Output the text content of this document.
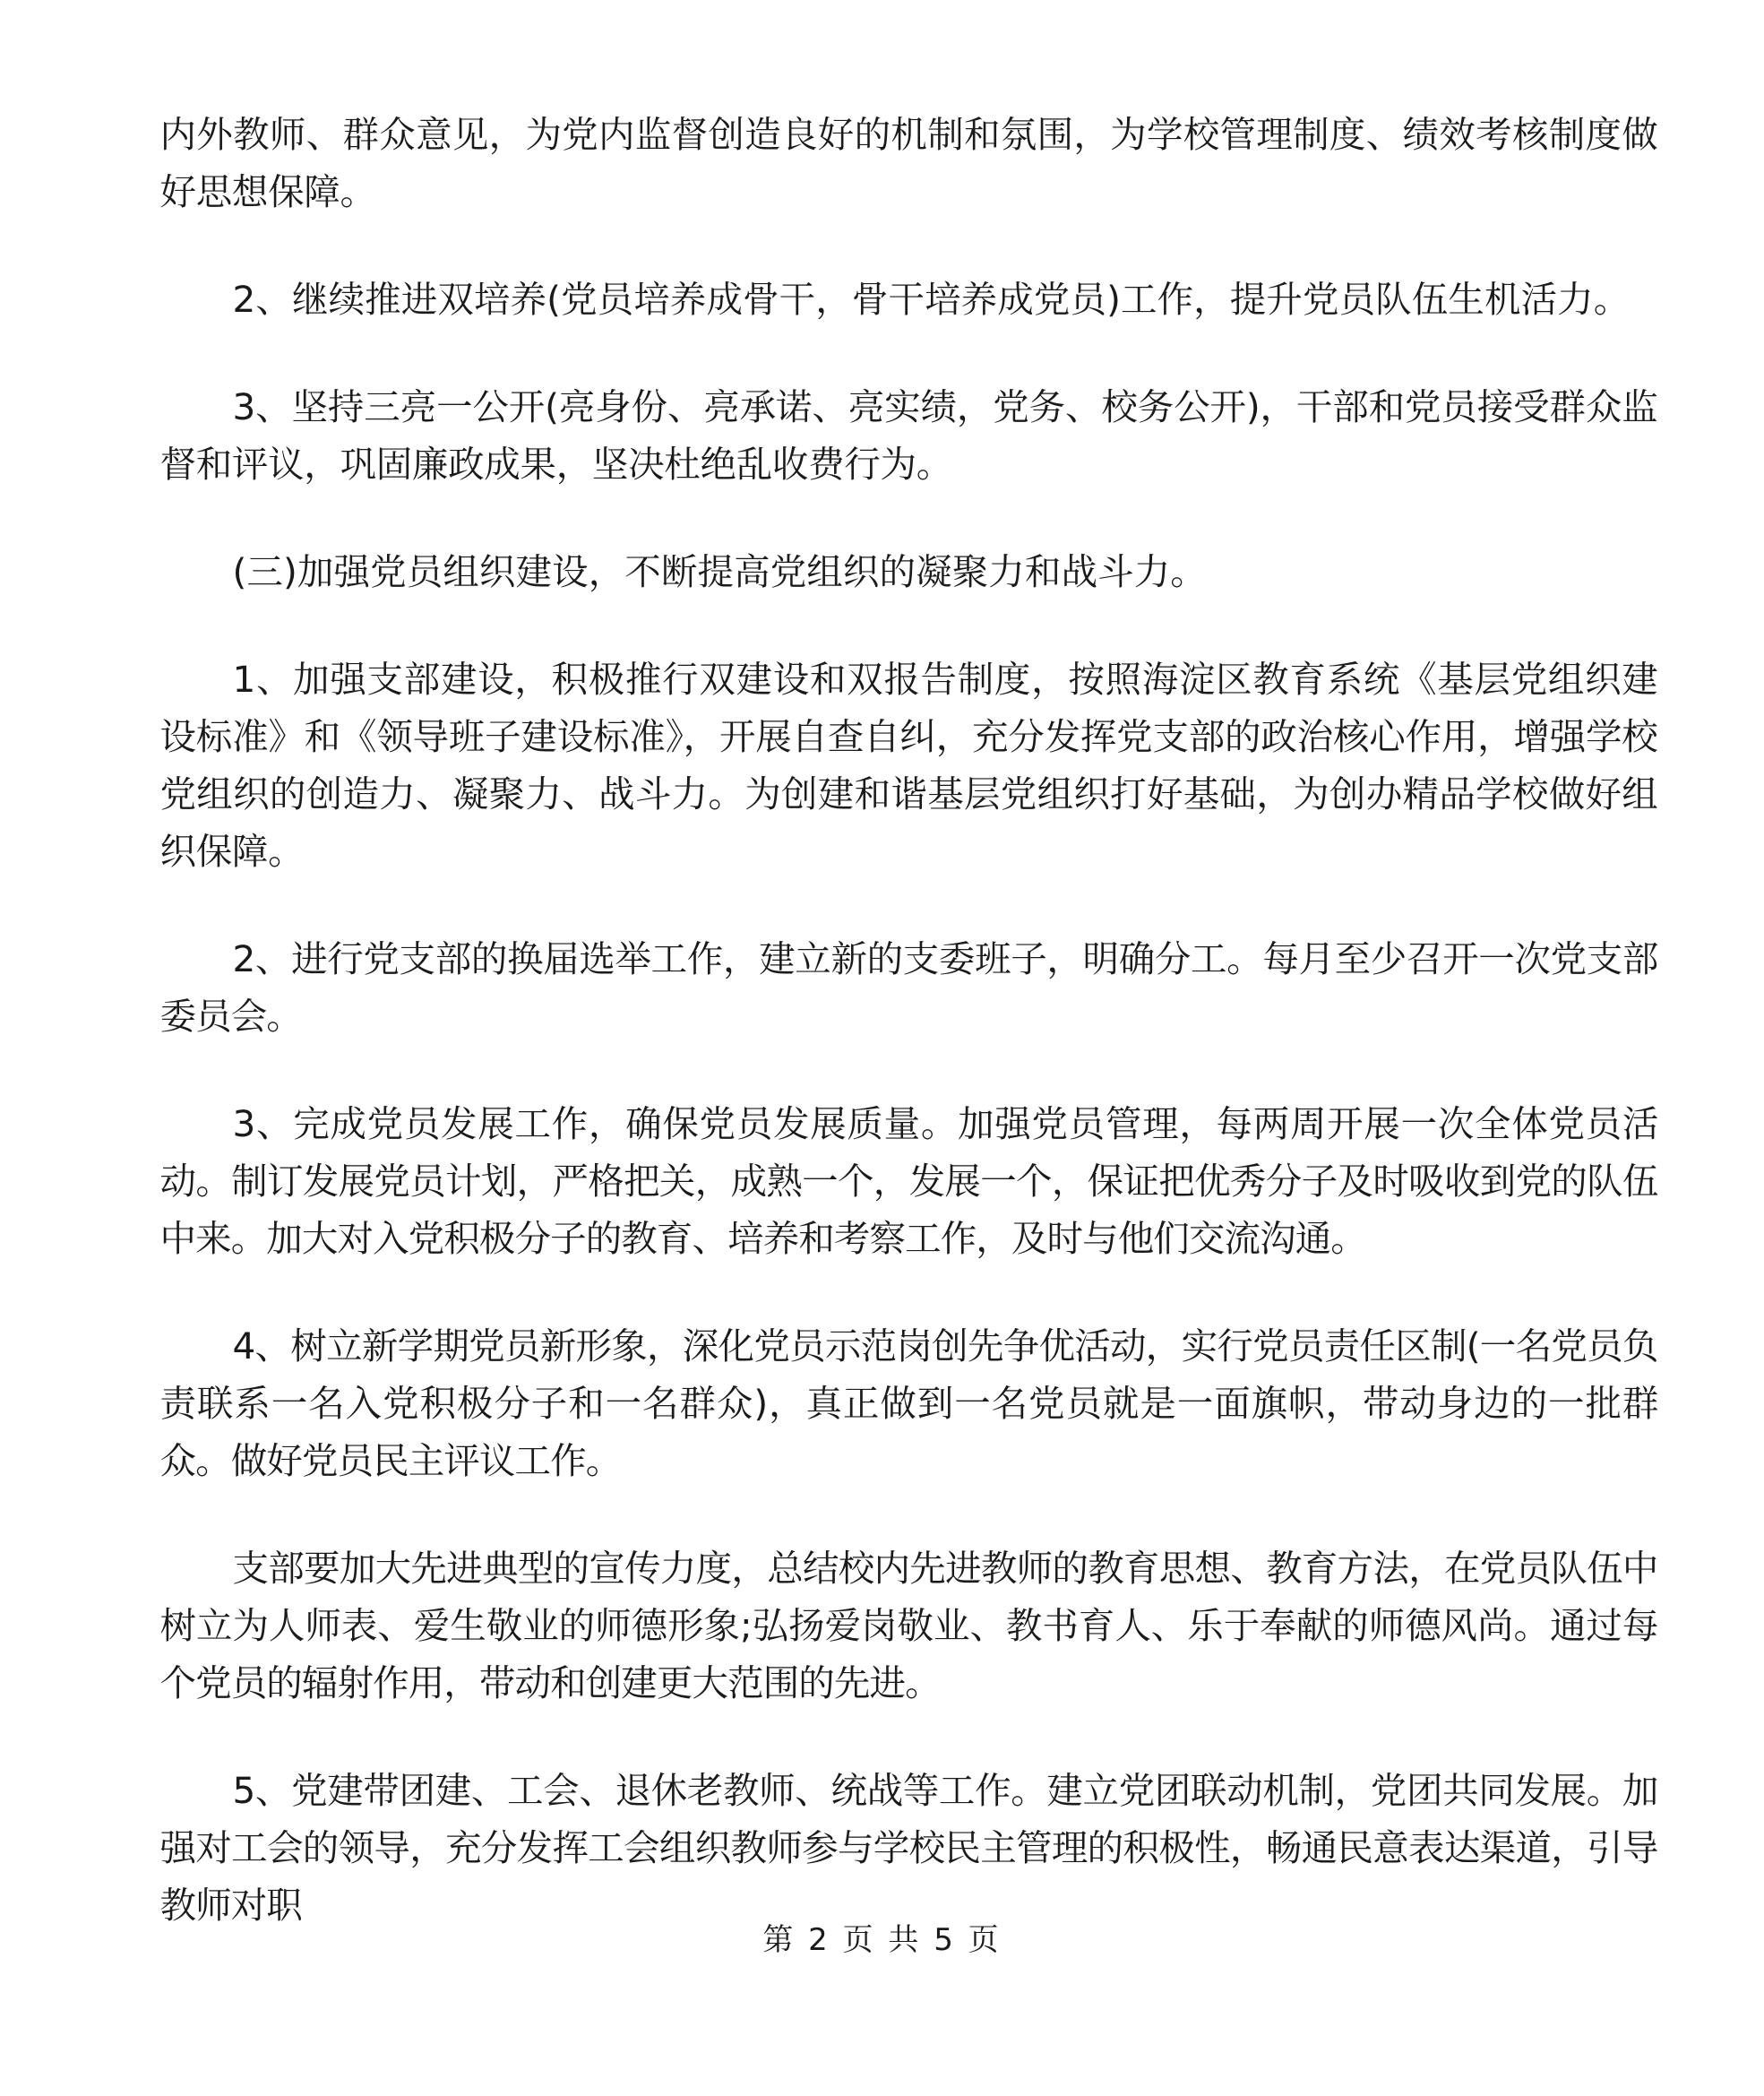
内外教师、群众意见，为党内监督创造良好的机制和氛围，为学校管理制度、绩效考核制度做好思想保障。

2、继续推进双培养(党员培养成骨干，骨干培养成党员)工作，提升党员队伍生机活力。

3、坚持三亮一公开(亮身份、亮承诺、亮实绩，党务、校务公开)，干部和党员接受群众监督和评议，巩固廉政成果，坚决杜绝乱收费行为。

(三)加强党员组织建设，不断提高党组织的凝聚力和战斗力。

1、加强支部建设，积极推行双建设和双报告制度，按照海淀区教育系统《基层党组织建设标准》和《领导班子建设标准》，开展自查自纠，充分发挥党支部的政治核心作用，增强学校党组织的创造力、凝聚力、战斗力。为创建和谐基层党组织打好基础，为创办精品学校做好组织保障。

2、进行党支部的换届选举工作，建立新的支委班子，明确分工。每月至少召开一次党支部委员会。

3、完成党员发展工作，确保党员发展质量。加强党员管理，每两周开展一次全体党员活动。制订发展党员计划，严格把关，成熟一个，发展一个，保证把优秀分子及时吸收到党的队伍中来。加大对入党积极分子的教育、培养和考察工作，及时与他们交流沟通。

4、树立新学期党员新形象，深化党员示范岗创先争优活动，实行党员责任区制(一名党员负责联系一名入党积极分子和一名群众)，真正做到一名党员就是一面旗帜，带动身边的一批群众。做好党员民主评议工作。

支部要加大先进典型的宣传力度，总结校内先进教师的教育思想、教育方法，在党员队伍中树立为人师表、爱生敬业的师德形象;弘扬爱岗敬业、教书育人、乐于奉献的师德风尚。通过每个党员的辐射作用，带动和创建更大范围的先进。

5、党建带团建、工会、退休老教师、统战等工作。建立党团联动机制，党团共同发展。加强对工会的领导，充分发挥工会组织教师参与学校民主管理的积极性，畅通民意表达渠道，引导教师对职

第 2 页 共 5 页
